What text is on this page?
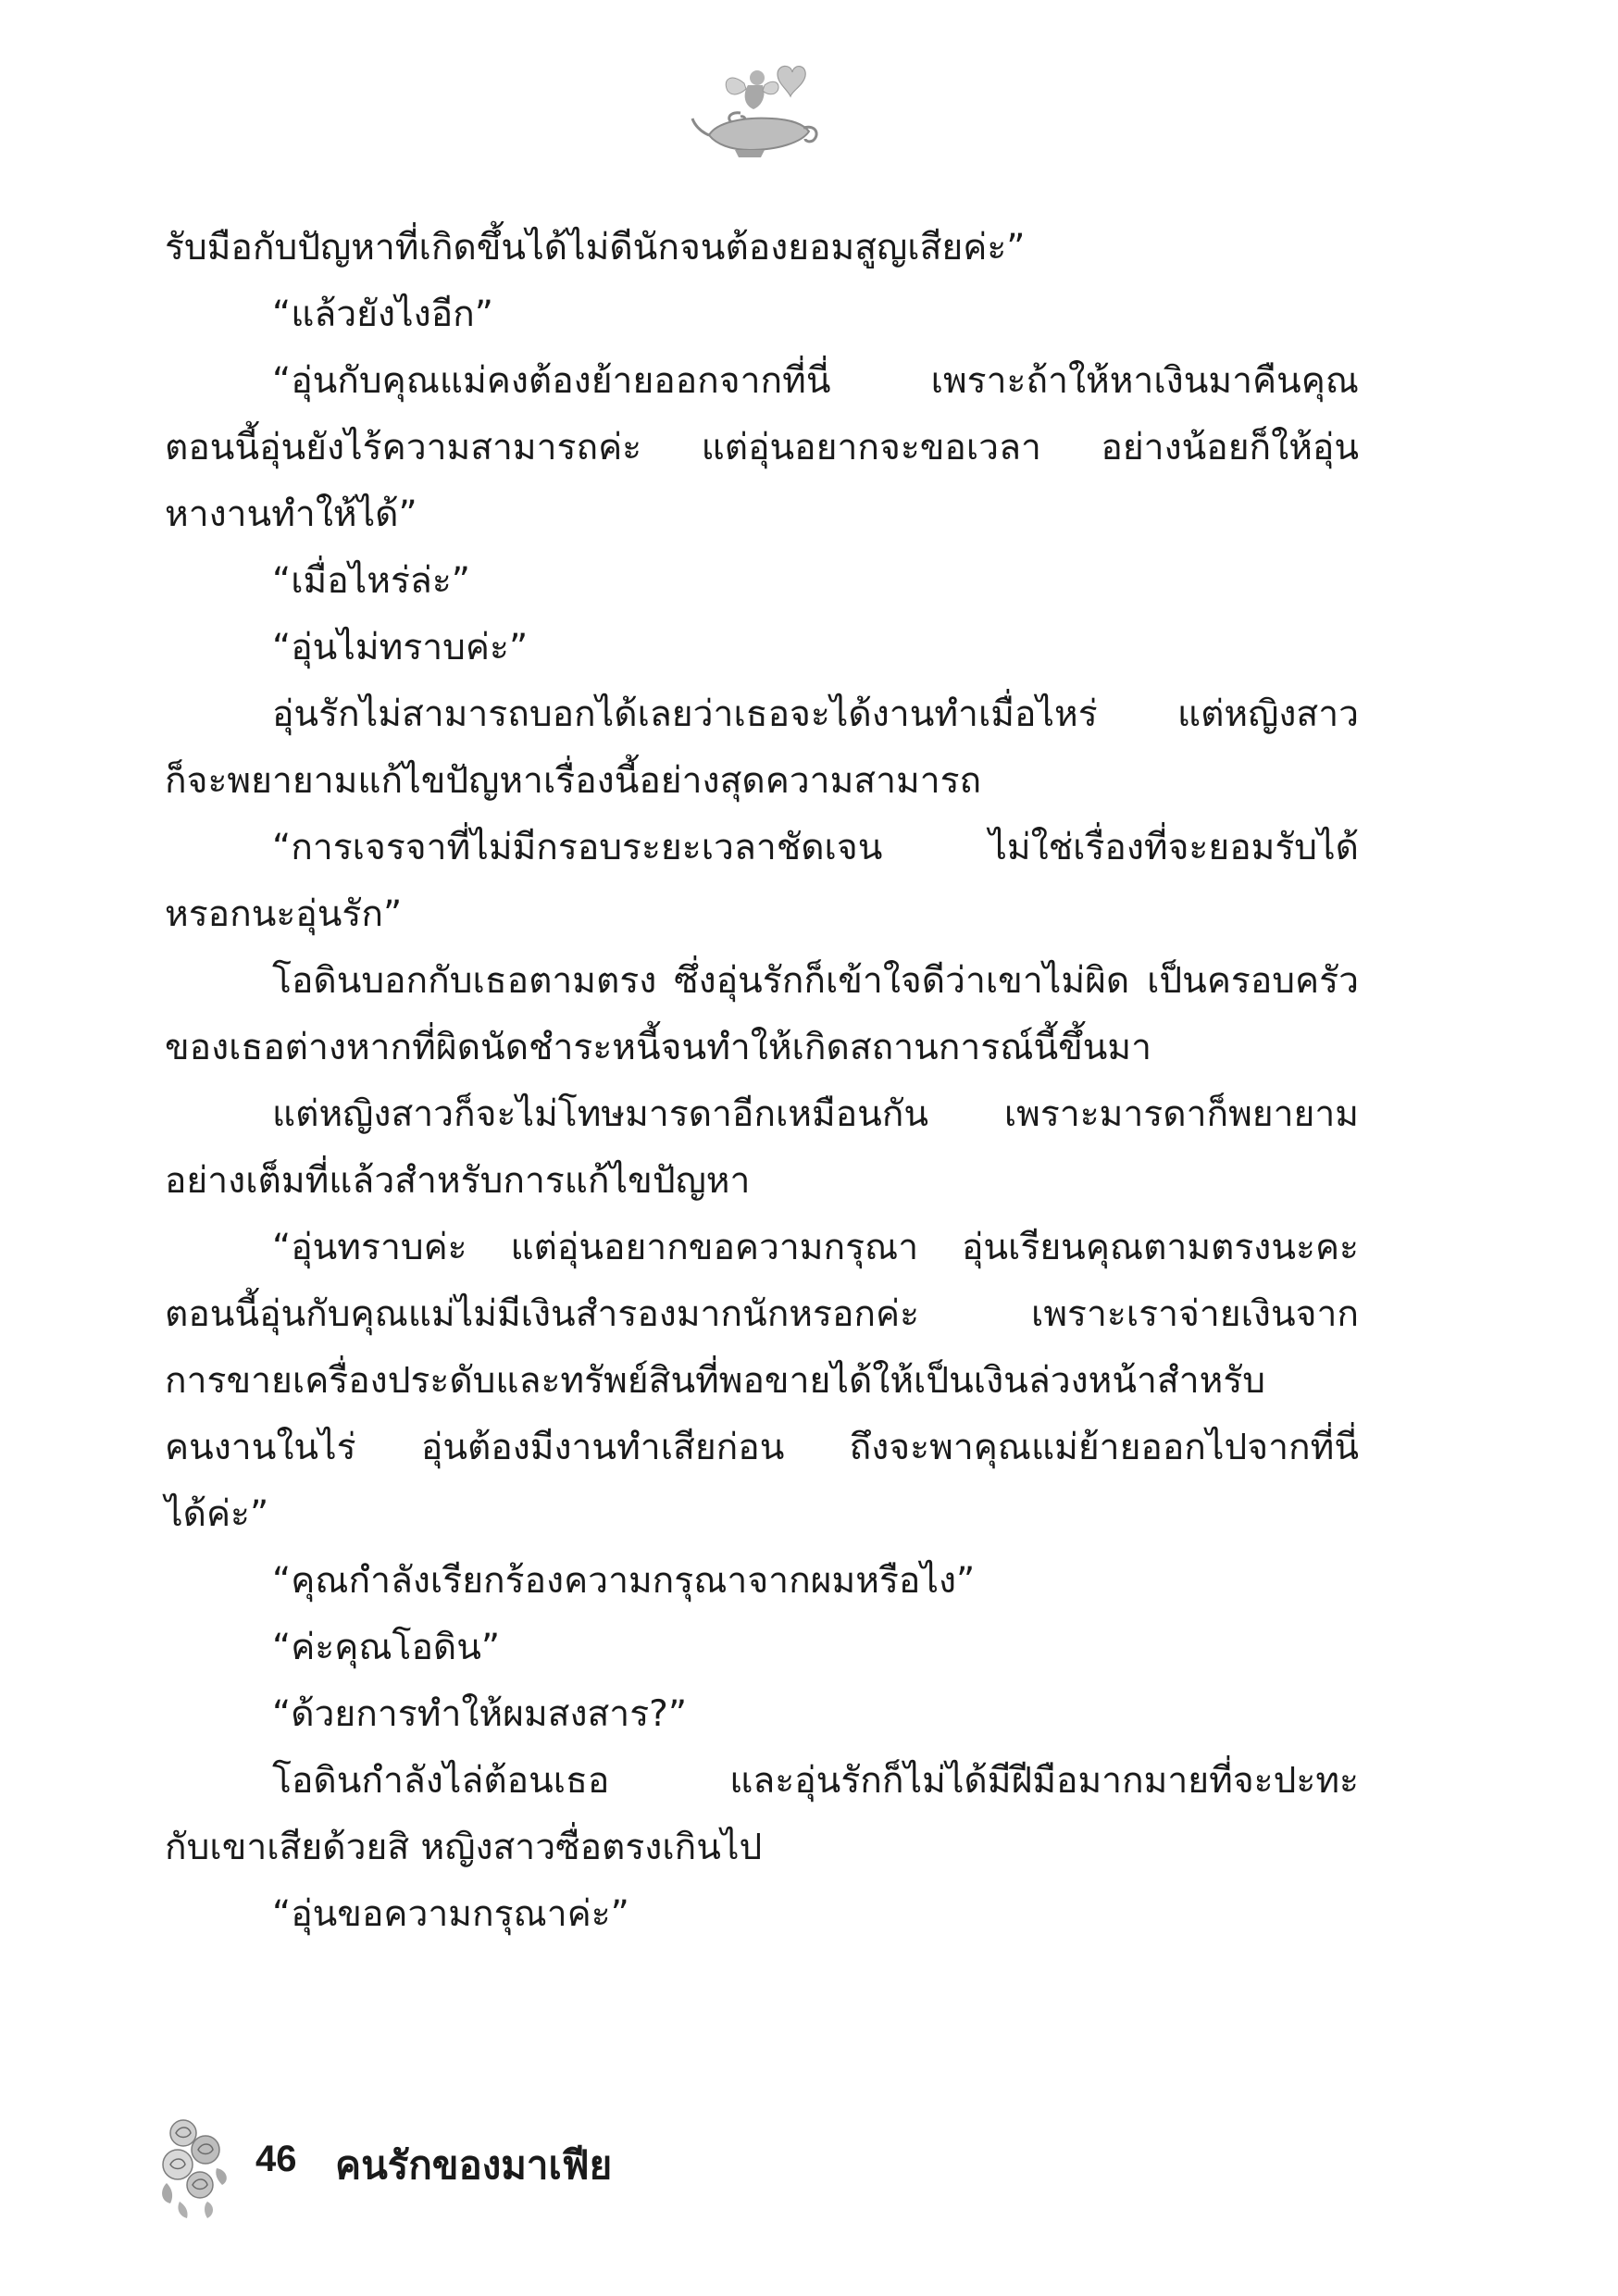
รับมือกับปัญหาที่เกิดขึ้นได้ไม่ดีนักจนต้องยอมสูญเสียค่ะ”
“แล้วยังไงอีก”
“อุ่นกับคุณแม่คงต้องย้ายออกจากที่นี่ เพราะถ้าให้หาเงินมาคืนคุณ
ตอนนี้อุ่นยังไร้ความสามารถค่ะ แต่อุ่นอยากจะขอเวลา อย่างน้อยก็ให้อุ่น
หางานทำให้ได้”
“เมื่อไหร่ล่ะ”
“อุ่นไม่ทราบค่ะ”
อุ่นรักไม่สามารถบอกได้เลยว่าเธอจะได้งานทำเมื่อไหร่ แต่หญิงสาว
ก็จะพยายามแก้ไขปัญหาเรื่องนี้อย่างสุดความสามารถ
“การเจรจาที่ไม่มีกรอบระยะเวลาชัดเจน ไม่ใช่เรื่องที่จะยอมรับได้
หรอกนะอุ่นรัก”
โอดินบอกกับเธอตามตรง ซึ่งอุ่นรักก็เข้าใจดีว่าเขาไม่ผิด เป็นครอบครัว
ของเธอต่างหากที่ผิดนัดชำระหนี้จนทำให้เกิดสถานการณ์นี้ขึ้นมา
แต่หญิงสาวก็จะไม่โทษมารดาอีกเหมือนกัน เพราะมารดาก็พยายาม
อย่างเต็มที่แล้วสำหรับการแก้ไขปัญหา
“อุ่นทราบค่ะ แต่อุ่นอยากขอความกรุณา อุ่นเรียนคุณตามตรงนะคะ
ตอนนี้อุ่นกับคุณแม่ไม่มีเงินสำรองมากนักหรอกค่ะ เพราะเราจ่ายเงินจาก
การขายเครื่องประดับและทรัพย์สินที่พอขายได้ให้เป็นเงินล่วงหน้าสำหรับ
คนงานในไร่ อุ่นต้องมีงานทำเสียก่อน ถึงจะพาคุณแม่ย้ายออกไปจากที่นี่
ได้ค่ะ”
“คุณกำลังเรียกร้องความกรุณาจากผมหรือไง”
“ค่ะคุณโอดิน”
“ด้วยการทำให้ผมสงสาร?”
โอดินกำลังไล่ต้อนเธอ และอุ่นรักก็ไม่ได้มีฝีมือมากมายที่จะปะทะ
กับเขาเสียด้วยสิ หญิงสาวซื่อตรงเกินไป
“อุ่นขอความกรุณาค่ะ”
46 คนรักของมาเฟีย
